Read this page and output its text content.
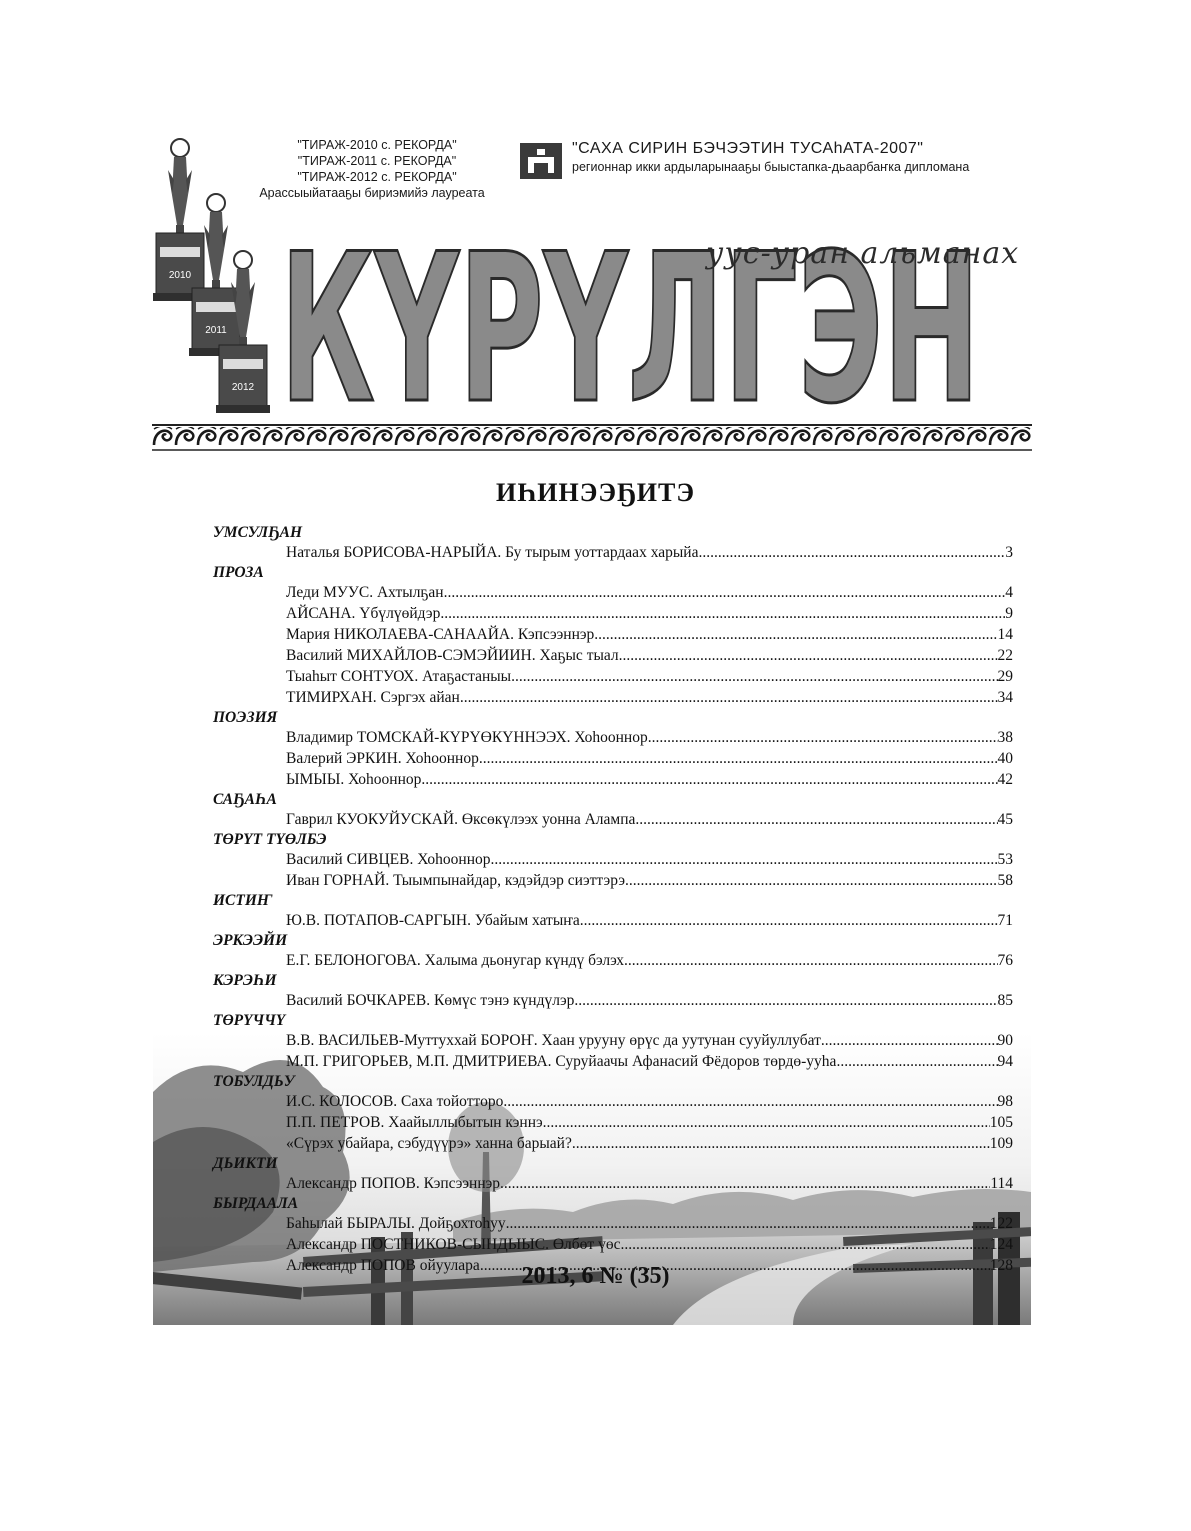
"ТИРАЖ-2010 с. РЕКОРДА"
"ТИРАЖ-2011 с. РЕКОРДА"
"ТИРАЖ-2012 с. РЕКОРДА"
Арассыыйатааҕы бириэмийэ лауреата
"САХА СИРИН БЭЧЭЭТИН ТУСАhАТА-2007"
регионнар икки ардыларынааҕы быыстапка-дьаарбаҥка дипломана
2010
2011
2012 КҮРҮЛГЭН
уус-уран альманах
ИҺИНЭЭҔИТЭ
УМСУЛҔАН
Наталья БОРИСОВА-НАРЫЙА. Бу тырым уоттардаах харыйа .....	3
ПРОЗА
Леди МУУС. Ахтылҕан .....	4
АЙСАНА. Үбүлүөйдэр .....	9
Мария НИКОЛАЕВА-САНААЙА. Кэпсээннэр .....	14
Василий МИХАЙЛОВ-СЭМЭЙИИН. Хаҕыс тыал .....	22
Тыаһыт СОНТУОХ. Атаҕастаныы .....	29
ТИМИРХАН. Сэргэх айан .....	34
ПОЭЗИЯ
Владимир ТОМСКАЙ-КҮРҮӨКҮННЭЭХ. Хоһооннор .....	38
Валерий ЭРКИН. Хоһооннор .....	40
ЫМЫЫ. Хоһооннор .....	42
САҔАҺА
Гаврил КУОКУЙУСКАЙ. Өксөкүлээх уонна Алампа .....	45
ТӨРҮТ ТҮӨЛБЭ
Василий СИВЦЕВ. Хоһооннор .....	53
Иван ГОРНАЙ. Тыымпынайдар, кэдэйдэр сиэттэрэ .....	58
ИСТИҤ
Ю.В. ПОТАПОВ-САРГЫН. Убайым хатыҥа .....	71
ЭРКЭЭЙИ
Е.Г. БЕЛОНОГОВА. Халыма дьонугар күндү бэлэх .....	76
КЭРЭҺИ
Василий БОЧКАРЕВ. Көмүс тэнэ күндүлэр .....	85
ТӨРҮЧЧҮ
В.В. ВАСИЛЬЕВ-Муттуххай БОРОҤ. Хаан урууну өрүс да уутунан сууйуллубат .....	90
М.П. ГРИГОРЬЕВ, М.П. ДМИТРИЕВА. Суруйаачы Афанасий Фёдоров төрдө-ууһа .....	94
ТОБУЛДЬУ
И.С. КОЛОСОВ. Саха тойотторо .....	98
П.П. ПЕТРОВ. Хаайыллыбытын кэннэ .....	105
«Сүрэх убайара, сэбудүүрэ» ханна барыай? .....	109
ДЬИКТИ
Александр ПОПОВ. Кэпсээннэр .....	114
БЫРДААЛА
Баһылай БЫРАЛЫ. Дойҕохтоһуу .....	122
Александр ПОСТНИКОВ-СЫНДЫЫС. Өлбөт үөс .....	124
Александр ПОПОВ ойуулара .....	128
2013, 6 № (35)
